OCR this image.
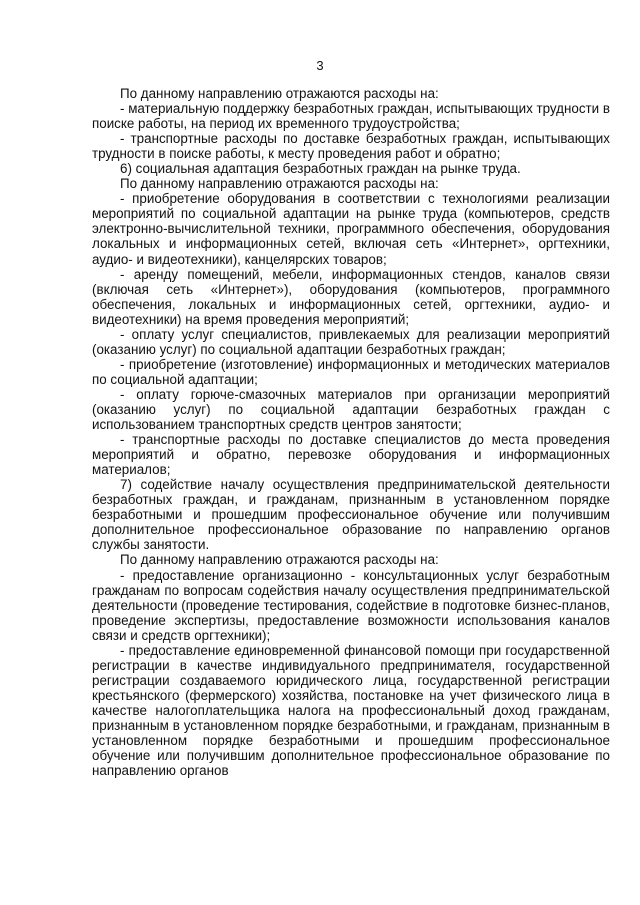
3

По данному направлению отражаются расходы на:

- материальную поддержку безработных граждан, испытывающих трудности в поиске работы, на период их временного трудоустройства;

- транспортные расходы по доставке безработных граждан, испытывающих трудности в поиске работы, к месту проведения работ и обратно;

6) социальная адаптация безработных граждан на рынке труда.

По данному направлению отражаются расходы на:

- приобретение оборудования в соответствии с технологиями реализации мероприятий по социальной адаптации на рынке труда (компьютеров, средств электронно-вычислительной техники, программного обеспечения, оборудования локальных и информационных сетей, включая сеть «Интернет», оргтехники, аудио- и видеотехники), канцелярских товаров;

- аренду помещений, мебели, информационных стендов, каналов связи (включая сеть «Интернет»), оборудования (компьютеров, программного обеспечения, локальных и информационных сетей, оргтехники, аудио- и видеотехники) на время проведения мероприятий;

- оплату услуг специалистов, привлекаемых для реализации мероприятий (оказанию услуг) по социальной адаптации безработных граждан;

- приобретение (изготовление) информационных и методических материалов по социальной адаптации;

- оплату горюче-смазочных материалов при организации мероприятий (оказанию услуг) по социальной адаптации безработных граждан с использованием транспортных средств центров занятости;

- транспортные расходы по доставке специалистов до места проведения мероприятий и обратно, перевозке оборудования и информационных материалов;

7) содействие началу осуществления предпринимательской деятельности безработных граждан, и гражданам, признанным в установленном порядке безработными и прошедшим профессиональное обучение или получившим дополнительное профессиональное образование по направлению органов службы занятости.

По данному направлению отражаются расходы на:

- предоставление организационно - консультационных услуг безработным гражданам по вопросам содействия началу осуществления предпринимательской деятельности (проведение тестирования, содействие в подготовке бизнес-планов, проведение экспертизы, предоставление возможности использования каналов связи и средств оргтехники);

- предоставление единовременной финансовой помощи при государственной регистрации в качестве индивидуального предпринимателя, государственной регистрации создаваемого юридического лица, государственной регистрации крестьянского (фермерского) хозяйства, постановке на учет физического лица в качестве налогоплательщика налога на профессиональный доход гражданам, признанным в установленном порядке безработными, и гражданам, признанным в установленном порядке безработными и прошедшим профессиональное обучение или получившим дополнительное профессиональное образование по направлению органов
